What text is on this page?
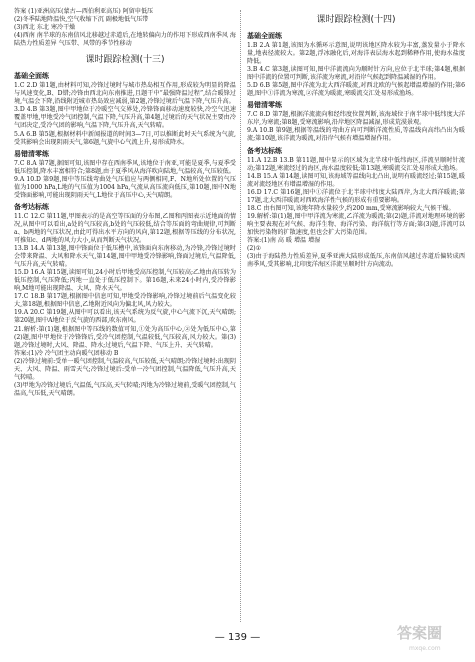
答案 (1)亚洲高压(蒙古—西伯利亚高压) 阿留申低压

(2)冬季陆地降温快,空气收缩下沉 副极地低气压带

(3)西北 东北 寒冷干燥

(4)西南 南半球的东南信风北移越过赤道后,在地转偏向力的作用下形成西南季风 海陆热力性质差异 气压带、风带的季节性移动

课时跟踪检测(十三)
基础全面练

1.C 2.D 第1题,由材料可知,冷锋过境时与城市热岛相互作用,形成较为明显的降温与风速变化,B、D错;冷锋由西北向东南推进,且题干中“最强降温过程”,结合暖锋过境,气温会下降,沿线附近城市热岛效应减弱,第2题,冷锋过境后气温下降,气压升高。

3.D 4.B 第3题,图中甲地位于冷暖空气交界处,冷锋锋面移动速度较快,冷空气迅速覆盖甲地,甲地受冷气团控制,气温下降,气压升高,第4题,过境后的天气状况主要由冷气团决定,受冷气团的影响,气温下降,气压升高,天气转晴。

5.A 6.B 第5题,根据材料中新闻报道的时间3—7日,可以推断此时天气系统为气旋,受其影响会出现阴雨天气,第6题,气旋中心气流上升,易形成降水。

易错清零练

7.C 8.A 第7题,据图可知,该图中存在西南季风,该地位于南亚,可能是夏季,与夏季受低压控制,降水丰富相符合;第8题,由于夏季风从海洋吹向陆地,气温较高,气压较低。

9.A 10.D 第9题,图中等压线弯曲处气压值应与两侧相同,F、N地所处位置的气压值为1000 hPa,L地的气压值为1004 hPa,气流从高压流向低压,第10题,图中N地受锋面影响,可能出现阴雨天气,L地位于高压中心,天气晴朗。

备考达标练

11.C 12.C 第11题,甲图表示的是高空等压面的分布图,乙图和丙图表示近地面的情况,从图中可以看出,a处的气压较高,b处的气压较低,结合等压面的弯曲规律,可判断a、b两地的气压状况,由此可得出水平方向的风向,第12题,根据等压线的分布状况,可推知c、d两地的风力大小,从而判断天气状况。

13.B 14.A 第13题,图中锋面位于低压槽中,该锋面向东南移动,为冷锋,冷锋过境时会带来降温、大风和降水天气,第14题,图中甲地受冷锋影响,锋面过境后,气温降低,气压升高,天气转晴。

15.D 16.A 第15题,读图可知,24小时后甲地受高压控制,气压较高;乙地由高压转为低压控制,气压降低;丙地一直处于低压控制下。第16题,未来24小时内,受冷锋影响,M地可能出现降温、大风、降水天气。

17.C 18.B 第17题,根据图中信息可知,甲地受冷锋影响,冷锋过境前后气温变化较大,第18题,根据图中信息,乙地附近风向为偏北风,风力较大。

19.A 20.C 第19题,从图中可以看出,该天气系统为反气旋,中心气流下沉,天气晴朗;第20题,图中A地位于反气旋的西部,吹东南风。

21.解析:第(1)题,根据图中等压线的数值可知,①处为高压中心,②处为低压中心,第(2)题,图中甲地位于冷锋锋后,受冷气团控制,气温较低,气压较高,风力较大。第(3)题,冷锋过境时,大风、降温、降水;过境后,气温下降、气压上升、天气转晴。

答案:(1)冷 冷气团主动向暖气团移动 B

(2)冷锋过境前:受单一暖气团控制,气温较高,气压较低,天气晴朗;冷锋过境时:出现阴天、大风、降温、雨雪天气;冷锋过境后:受单一冷气团控制,气温降低,气压升高,天气转晴。

(3)甲地为冷锋过境后,气温低,气压高,天气转晴;丙地为冷锋过境前,受暖气团控制,气温高,气压低,天气晴朗。

课时跟踪检测(十四)
基础全面练

1.B 2.A 第1题,该图为水循环示意图,说明该地区降水较为丰富,蒸发量小于降水量,地表径流较大。第2题,浮冰融化后,对海洋表层海水起到稀释作用,使海水盐度降低。

3.B 4.C 第3题,读图可知,图中洋流流向为顺时针方向,应位于北半球;第4题,根据图中洋流的位置可判断,该洋流为寒流,对沿岸气候起到降温减湿的作用。

5.D 6.B 第5题,图中洋流为北大西洋暖流,对西北欧的气候起增温增湿的作用;第6题,图中①洋流为寒流,②洋流为暖流,寒暖流交汇处易形成渔场。

易错清零练

7.C 8.D 第7题,根据洋流流向和经纬度位置判断,该海域位于南半球中低纬度大洋东岸,为寒流;第8题,受寒流影响,沿岸地区降温减湿,形成荒漠景观。

9.A 10.B 第9题,根据等温线的弯曲方向可判断洋流性质,等温线向高纬凸出为暖流;第10题,该洋流为暖流,对沿岸气候有增温增湿作用。

备考达标练

11.A 12.B 13.B 第11题,图中显示的区域为北半球中低纬海区,洋流呈顺时针流动;第12题,寒流经过的海区,海水温度较低;第13题,寒暖流交汇处易形成大渔场。

14.B 15.A 第14题,读图可知,该海域等温线向北凸出,说明有暖流经过;第15题,暖流对流经地区有增温增湿的作用。

16.D 17.C 第16题,图中①洋流位于北半球中纬度大陆西岸,为北大西洋暖流;第17题,北大西洋暖流对西欧海洋性气候的形成有重要影响。

18.C 由右图可知,该地年降水量较少,约200 mm,受寒流影响较大,气候干燥。

19.解析:第(1)题,图中甲洋流为寒流,乙洋流为暖流;第(2)题,洋流对地理环境的影响主要表现在对气候、海洋生物、海洋污染、海洋航行等方面;第(3)题,洋流可以加快污染物的扩散速度,但也会扩大污染范围。

答案:(1)南 高 暖 增温 增湿

(2)①

(3)由于海陆热力性质差异,夏季亚洲大陆形成低压,东南信风越过赤道后偏转成西南季风,受其影响,北印度洋海区洋流呈顺时针方向流动。

— 139 —	答案圈
mxqe.com
